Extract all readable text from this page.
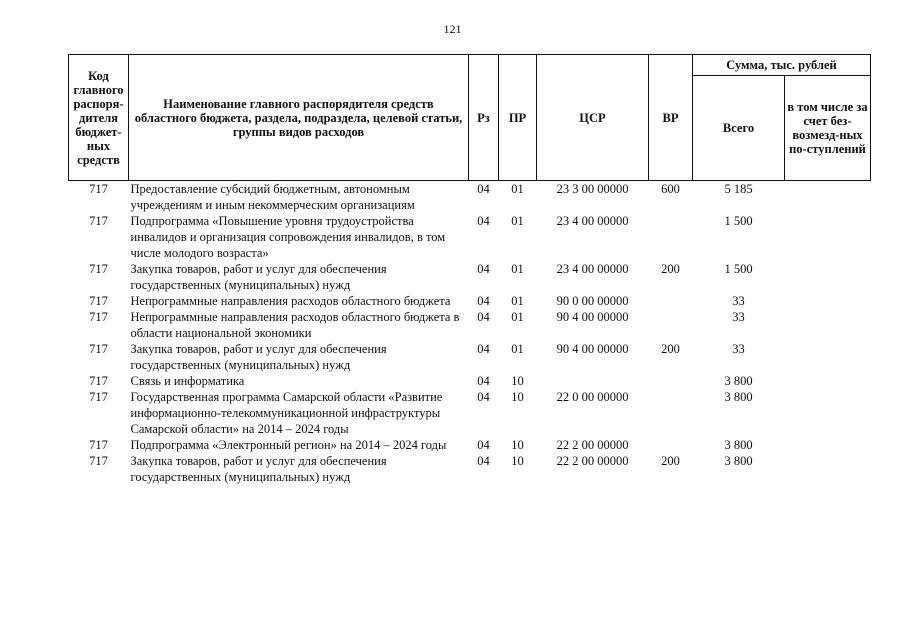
121
Код главного распоря-дителя бюджет-ных средств	Наименование главного распорядителя средств областного бюджета, раздела, подраздела, целевой статьи, группы видов расходов	Рз	ПР	ЦСР	ВР	Сумма, тыс. рублей	
						Всего	в том числе за счет без-возмезд-ных по-ступлений
717	Предоставление субсидий бюджетным, автономным учреждениям и иным некоммерческим организациям	04	01	23 3 00 00000	600	5 185	
717	Подпрограмма «Повышение уровня трудоустройства инвалидов и организация сопровождения инвалидов, в том числе молодого возраста»	04	01	23 4 00 00000		1 500	
717	Закупка товаров, работ и услуг для обеспечения государственных (муниципальных) нужд	04	01	23 4 00 00000	200	1 500	
717	Непрограммные направления расходов областного бюджета	04	01	90 0 00 00000		33	
717	Непрограммные направления расходов областного бюджета в области национальной экономики	04	01	90 4 00 00000		33	
717	Закупка товаров, работ и услуг для обеспечения государственных (муниципальных) нужд	04	01	90 4 00 00000	200	33	
717	Связь и информатика	04	10			3 800	
717	Государственная программа Самарской области «Развитие информационно-телекоммуникационной инфраструктуры Самарской области» на 2014 – 2024 годы	04	10	22 0 00 00000		3 800	
717	Подпрограмма «Электронный регион» на 2014 – 2024 годы	04	10	22 2 00 00000		3 800	
717	Закупка товаров, работ и услуг для обеспечения государственных (муниципальных) нужд	04	10	22 2 00 00000	200	3 800	
